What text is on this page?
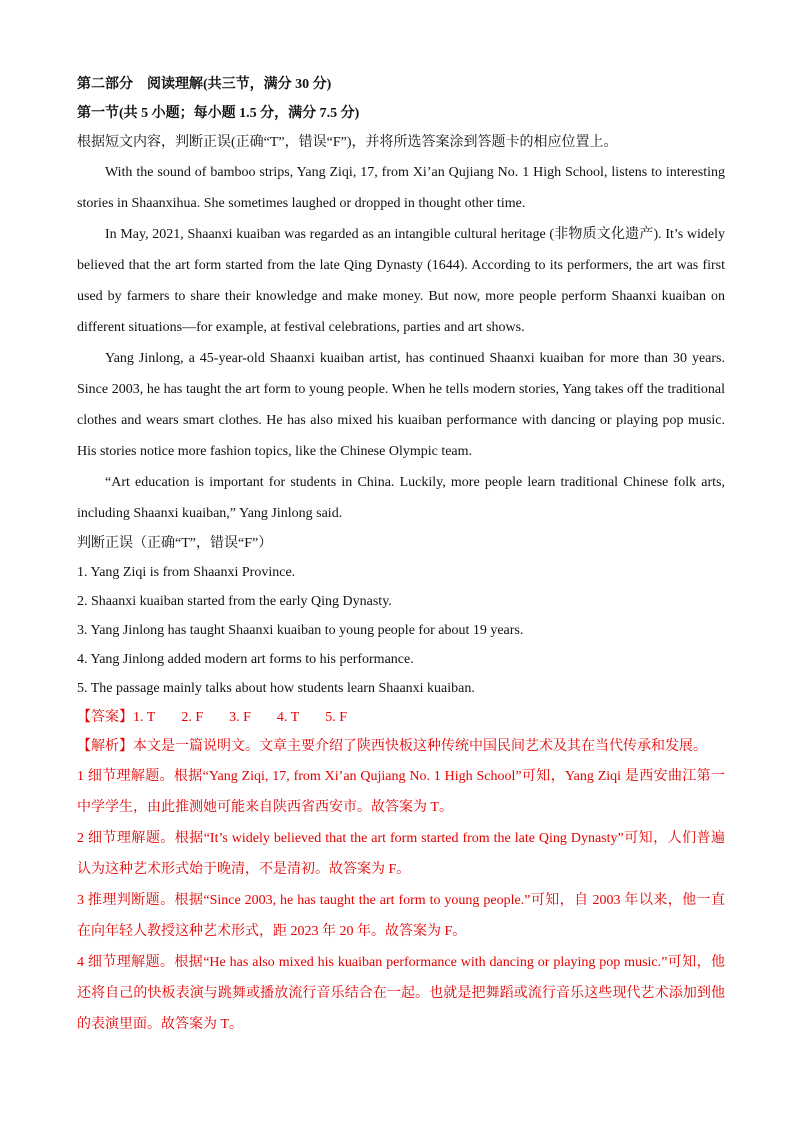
第二部分　阅读理解(共三节，满分 30 分)
第一节(共 5 小题；每小题 1.5 分，满分 7.5 分)
根据短文内容，判断正误(正确“T”，错误“F”)，并将所选答案涂到答题卡的相应位置上。
With the sound of bamboo strips, Yang Ziqi, 17, from Xi’an Qujiang No. 1 High School, listens to interesting stories in Shaanxihua. She sometimes laughed or dropped in thought other time.
In May, 2021, Shaanxi kuaiban was regarded as an intangible cultural heritage (非物质文化遗产). It’s widely believed that the art form started from the late Qing Dynasty (1644). According to its performers, the art was first used by farmers to share their knowledge and make money. But now, more people perform Shaanxi kuaiban on different situations—for example, at festival celebrations, parties and art shows.
Yang Jinlong, a 45-year-old Shaanxi kuaiban artist, has continued Shaanxi kuaiban for more than 30 years. Since 2003, he has taught the art form to young people. When he tells modern stories, Yang takes off the traditional clothes and wears smart clothes. He has also mixed his kuaiban performance with dancing or playing pop music. His stories notice more fashion topics, like the Chinese Olympic team.
“Art education is important for students in China. Luckily, more people learn traditional Chinese folk arts, including Shaanxi kuaiban,” Yang Jinlong said.
判断正误（正确“T”，错误“F”）
1. Yang Ziqi is from Shaanxi Province.
2. Shaanxi kuaiban started from the early Qing Dynasty.
3. Yang Jinlong has taught Shaanxi kuaiban to young people for about 19 years.
4. Yang Jinlong added modern art forms to his performance.
5. The passage mainly talks about how students learn Shaanxi kuaiban.
【答案】1. T 2. F 3. F 4. T 5. F
【解析】本文是一篇说明文。文章主要介绍了陕西快板这种传统中国民间艺术及其在当代传承和发展。
1 细节理解题。根据“Yang Ziqi, 17, from Xi’an Qujiang No. 1 High School”可知，Yang Ziqi 是西安曲江第一中学学生，由此推测她可能来自陕西省西安市。故答案为 T。
2 细节理解题。根据“It’s widely believed that the art form started from the late Qing Dynasty”可知，人们普遍认为这种艺术形式始于晚清，不是清初。故答案为 F。
3 推理判断题。根据“Since 2003, he has taught the art form to young people.”可知，自 2003 年以来，他一直在向年轻人教授这种艺术形式，距 2023 年 20 年。故答案为 F。
4 细节理解题。根据“He has also mixed his kuaiban performance with dancing or playing pop music.”可知，他还将自己的快板表演与跳舞或播放流行音乐结合在一起。也就是把舞蹈或流行音乐这些现代艺术添加到他的表演里面。故答案为 T。
